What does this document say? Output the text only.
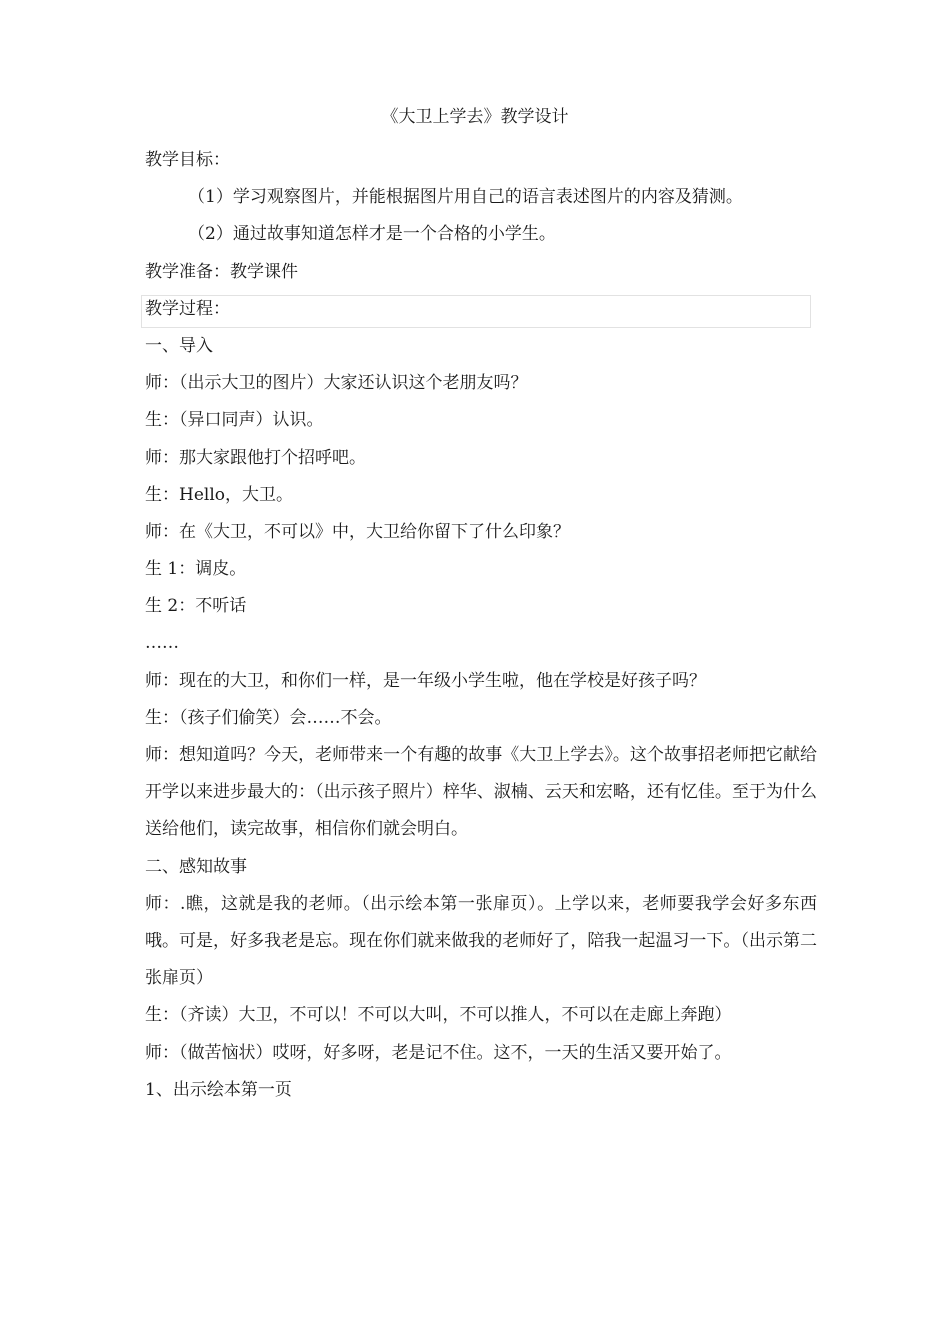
《大卫上学去》教学设计
教学目标：
（1）学习观察图片，并能根据图片用自己的语言表述图片的内容及猜测。
（2）通过故事知道怎样才是一个合格的小学生。
教学准备：教学课件
教学过程：
一、导入
师：（出示大卫的图片）大家还认识这个老朋友吗？
生：（异口同声）认识。
师：那大家跟他打个招呼吧。
生：Hello，大卫。
师：在《大卫，不可以》中，大卫给你留下了什么印象？
生 1：调皮。
生 2：不听话
……
师：现在的大卫，和你们一样，是一年级小学生啦，他在学校是好孩子吗？
生：（孩子们偷笑）会……不会。
师：想知道吗？今天，老师带来一个有趣的故事《大卫上学去》。这个故事招老师把它献给开学以来进步最大的：（出示孩子照片）梓华、淑楠、云天和宏略，还有忆佳。至于为什么送给他们，读完故事，相信你们就会明白。
二、感知故事
师：.瞧，这就是我的老师。（出示绘本第一张扉页）。上学以来，老师要我学会好多东西哦。可是，好多我老是忘。现在你们就来做我的老师好了，陪我一起温习一下。（出示第二张扉页）
生：（齐读）大卫，不可以！不可以大叫，不可以推人，不可以在走廊上奔跑）
师：（做苦恼状）哎呀，好多呀，老是记不住。这不，一天的生活又要开始了。
1、出示绘本第一页
